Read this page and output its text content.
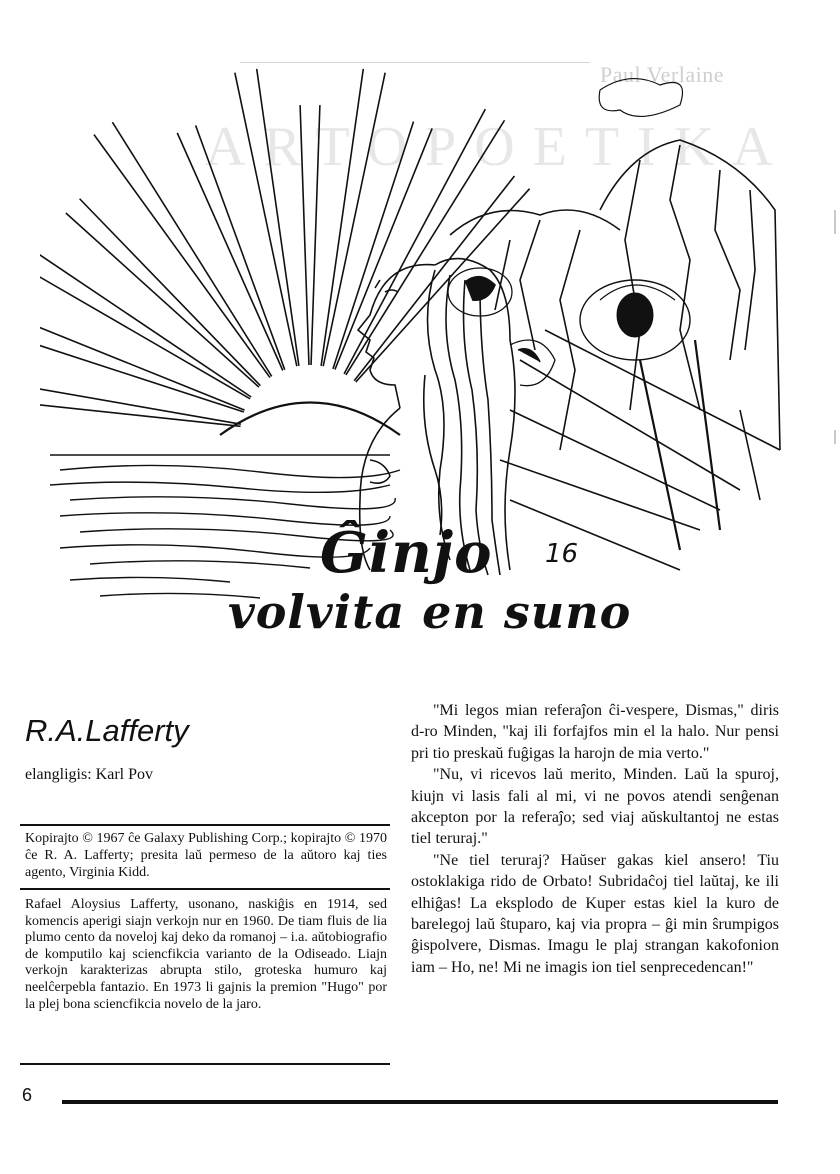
Paul Verlaine
ARTOPOETIKA
16
Ĝinjo
volvita en suno
R.A.Lafferty
elangligis: Karl Pov
Kopirajto © 1967 ĉe Galaxy Publishing Corp.; kopirajto © 1970 ĉe R. A. Lafferty; presita laŭ permeso de la aŭtoro kaj ties agento, Virginia Kidd.
Rafael Aloysius Lafferty, usonano, naskiĝis en 1914, sed komencis aperigi siajn verkojn nur en 1960. De tiam fluis de lia plumo cento da noveloj kaj deko da romanoj – i.a. aŭtobiografio de komputilo kaj sciencfikcia varianto de la Odiseado. Liajn verkojn karakterizas abrupta stilo, groteska humuro kaj neelĉerpebla fantazio. En 1973 li gajnis la premion "Hugo" por la plej bona sciencfikcia novelo de la jaro.

"Mi legos mian referaĵon ĉi-vespere, Dismas," diris d-ro Minden, "kaj ili forfajfos min el la halo. Nur pensi pri tio preskaŭ fuĝigas la harojn de mia verto."

"Nu, vi ricevos laŭ merito, Minden. Laŭ la spuroj, kiujn vi lasis fali al mi, vi ne povos atendi senĝenan akcepton por la referaĵo; sed viaj aŭskultantoj ne estas tiel teruraj."

"Ne tiel teruraj? Haŭser gakas kiel ansero! Tiu ostoklakiga rido de Orbato! Subridaĉoj tiel laŭtaj, ke ili elhiĝas! La eksplodo de Kuper estas kiel la kuro de barelegoj laŭ ŝtuparo, kaj via propra – ĝi min ŝrumpigos ĝispolvere, Dismas. Imagu le plaj strangan kakofonion iam – Ho, ne! Mi ne imagis ion tiel senprecedencan!"

6
